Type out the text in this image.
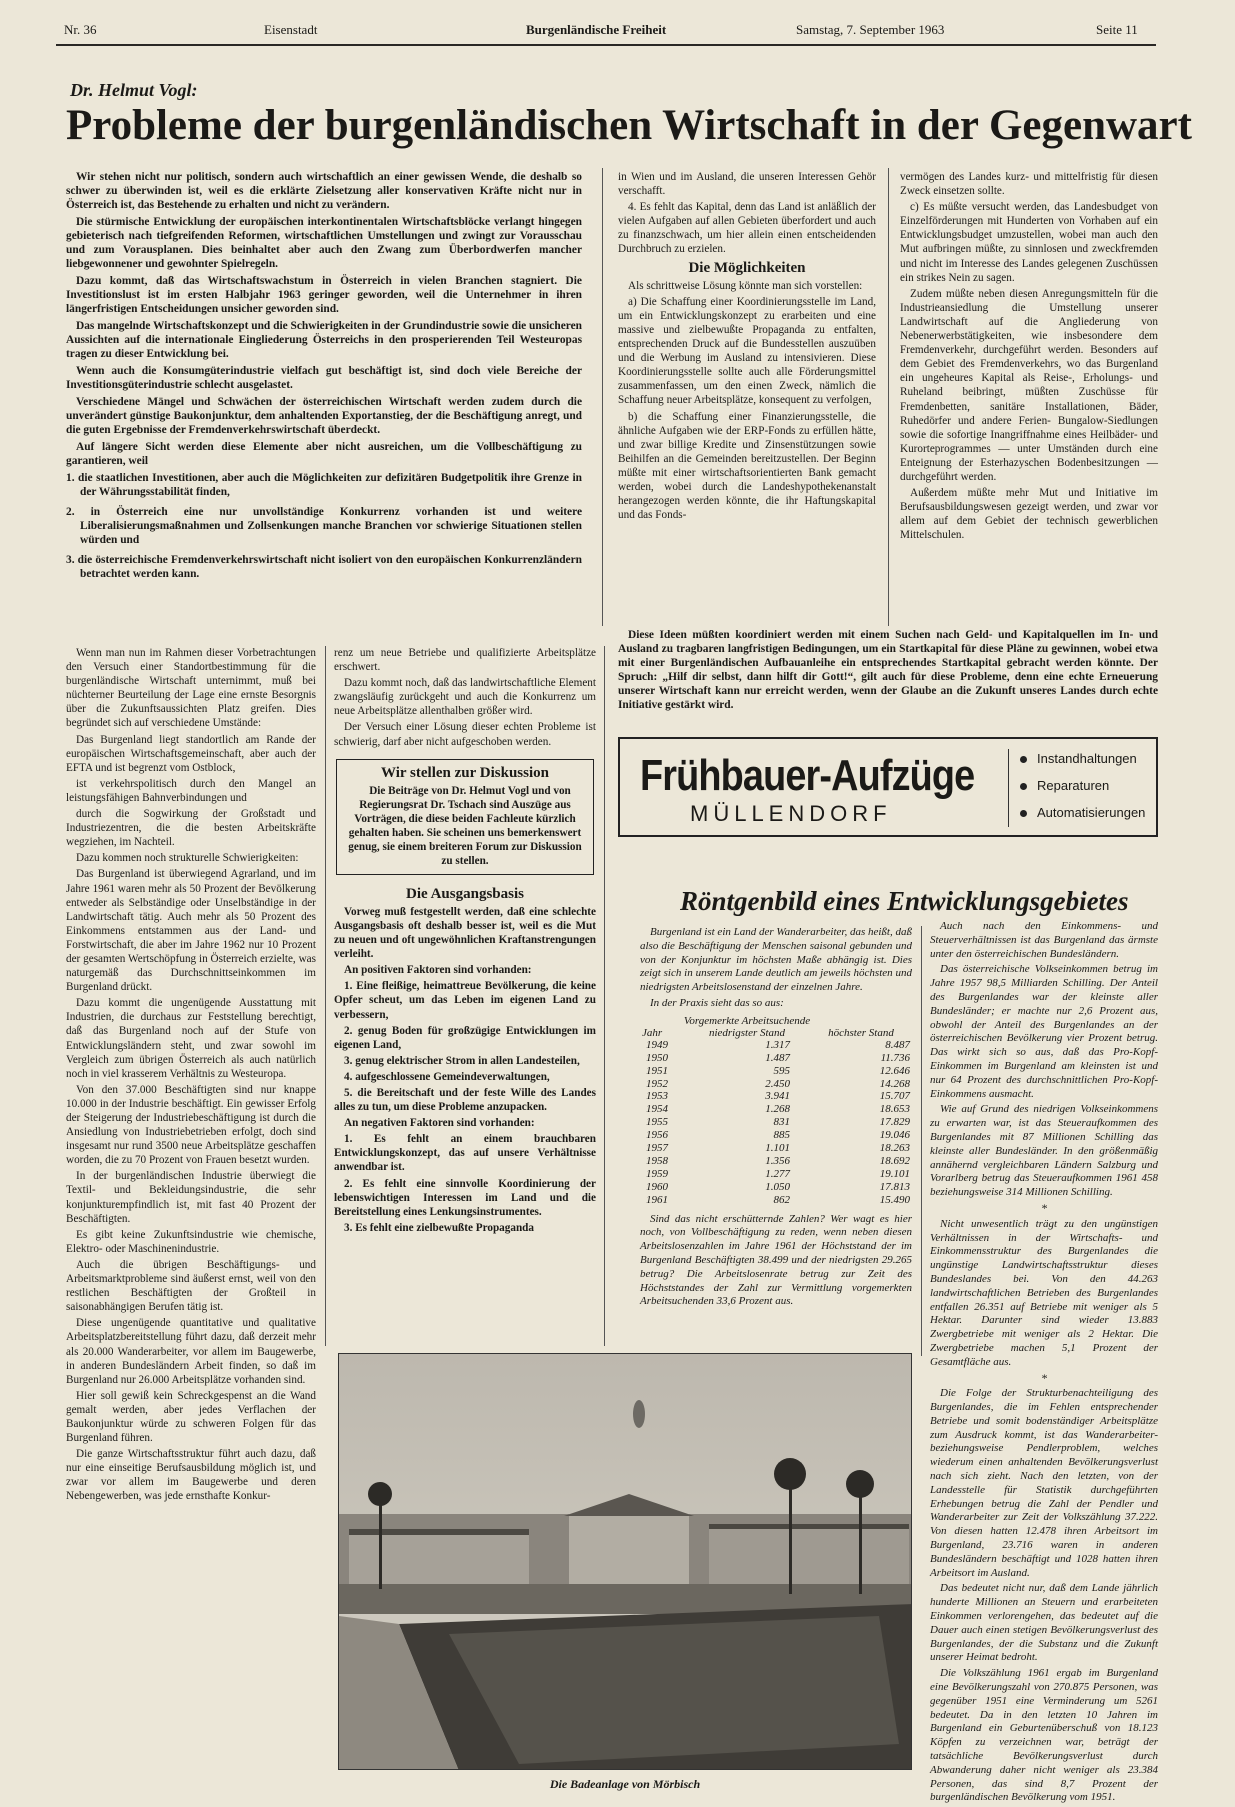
Nr. 36	Eisenstadt	Burgenländische Freiheit	Samstag, 7. September 1963	Seite 11
Dr. Helmut Vogl:
Probleme der burgenländischen Wirtschaft in der Gegenwart

Wir stehen nicht nur politisch, sondern auch wirtschaftlich an einer gewissen Wende, die deshalb so schwer zu überwinden ist, weil es die erklärte Zielsetzung aller konservativen Kräfte nicht nur in Österreich ist, das Bestehende zu erhalten und nicht zu verändern.

Die stürmische Entwicklung der europäischen interkontinentalen Wirtschaftsblöcke verlangt hingegen gebieterisch nach tiefgreifenden Reformen, wirtschaftlichen Umstellungen und zwingt zur Vorausschau und zum Vorausplanen. Dies beinhaltet aber auch den Zwang zum Überbordwerfen mancher liebgewonnener und gewohnter Spielregeln.

Dazu kommt, daß das Wirtschaftswachstum in Österreich in vielen Branchen stagniert. Die Investitionslust ist im ersten Halbjahr 1963 geringer geworden, weil die Unternehmer in ihren längerfristigen Entscheidungen unsicher geworden sind.

Das mangelnde Wirtschaftskonzept und die Schwierigkeiten in der Grundindustrie sowie die unsicheren Aussichten auf die internationale Eingliederung Österreichs in den prosperierenden Teil Westeuropas tragen zu dieser Entwicklung bei.

Wenn auch die Konsumgüterindustrie vielfach gut beschäftigt ist, sind doch viele Bereiche der Investitionsgüterindustrie schlecht ausgelastet.

Verschiedene Mängel und Schwächen der österreichischen Wirtschaft werden zudem durch die unverändert günstige Baukonjunktur, dem anhaltenden Exportanstieg, der die Beschäftigung anregt, und die guten Ergebnisse der Fremdenverkehrswirtschaft überdeckt.

Auf längere Sicht werden diese Elemente aber nicht ausreichen, um die Vollbeschäftigung zu garantieren, weil

1. die staatlichen Investitionen, aber auch die Möglichkeiten zur defizitären Budgetpolitik ihre Grenze in der Währungsstabilität finden,
2. in Österreich eine nur unvollständige Konkurrenz vorhanden ist und weitere Liberalisierungsmaßnahmen und Zollsenkungen manche Branchen vor schwierige Situationen stellen würden und
3. die österreichische Fremdenverkehrswirtschaft nicht isoliert von den europäischen Konkurrenzländern betrachtet werden kann.

in Wien und im Ausland, die unseren Interessen Gehör verschafft.

4. Es fehlt das Kapital, denn das Land ist anläßlich der vielen Aufgaben auf allen Gebieten überfordert und auch zu finanzschwach, um hier allein einen entscheidenden Durchbruch zu erzielen.

Die Möglichkeiten

Als schrittweise Lösung könnte man sich vorstellen:

a) Die Schaffung einer Koordinierungsstelle im Land, um ein Entwicklungskonzept zu erarbeiten und eine massive und zielbewußte Propaganda zu entfalten, entsprechenden Druck auf die Bundesstellen auszuüben und die Werbung im Ausland zu intensivieren. Diese Koordinierungsstelle sollte auch alle Förderungsmittel zusammenfassen, um den einen Zweck, nämlich die Schaffung neuer Arbeitsplätze, konsequent zu verfolgen,

b) die Schaffung einer Finanzierungsstelle, die ähnliche Aufgaben wie der ERP-Fonds zu erfüllen hätte, und zwar billige Kredite und Zinsenstützungen sowie Beihilfen an die Gemeinden bereitzustellen. Der Beginn müßte mit einer wirtschaftsorientierten Bank gemacht werden, wobei durch die Landeshypothekenanstalt herangezogen werden könnte, die ihr Haftungskapital und das Fonds-

vermögen des Landes kurz- und mittelfristig für diesen Zweck einsetzen sollte.

c) Es müßte versucht werden, das Landesbudget von Einzelförderungen mit Hunderten von Vorhaben auf ein Entwicklungsbudget umzustellen, wobei man auch den Mut aufbringen müßte, zu sinnlosen und zweckfremden und nicht im Interesse des Landes gelegenen Zuschüssen ein strikes Nein zu sagen.

Zudem müßte neben diesen Anregungsmitteln für die Industrieansiedlung die Umstellung unserer Landwirtschaft auf die Angliederung von Nebenerwerbstätigkeiten, wie insbesondere dem Fremdenverkehr, durchgeführt werden. Besonders auf dem Gebiet des Fremdenverkehrs, wo das Burgenland ein ungeheures Kapital als Reise-, Erholungs- und Ruheland beibringt, müßten Zuschüsse für Fremdenbetten, sanitäre Installationen, Bäder, Ruhedörfer und andere Ferien- Bungalow-Siedlungen sowie die sofortige Inangriffnahme eines Heilbäder- und Kurorteprogrammes — unter Umständen durch eine Enteignung der Esterhazyschen Bodenbesitzungen — durchgeführt werden.

Außerdem müßte mehr Mut und Initiative im Berufsausbildungswesen gezeigt werden, und zwar vor allem auf dem Gebiet der technisch gewerblichen Mittelschulen.

Diese Ideen müßten koordiniert werden mit einem Suchen nach Geld- und Kapitalquellen im In- und Ausland zu tragbaren langfristigen Bedingungen, um ein Startkapital für diese Pläne zu gewinnen, wobei etwa mit einer Burgenländischen Aufbauanleihe ein entsprechendes Startkapital gebracht werden könnte. Der Spruch: „Hilf dir selbst, dann hilft dir Gott!“, gilt auch für diese Probleme, denn eine echte Erneuerung unserer Wirtschaft kann nur erreicht werden, wenn der Glaube an die Zukunft unseres Landes durch echte Initiative gestärkt wird.

Wenn man nun im Rahmen dieser Vorbetrachtungen den Versuch einer Standortbestimmung für die burgenländische Wirtschaft unternimmt, muß bei nüchterner Beurteilung der Lage eine ernste Besorgnis über die Zukunftsaussichten Platz greifen. Dies begründet sich auf verschiedene Umstände:

Das Burgenland liegt standortlich am Rande der europäischen Wirtschaftsgemeinschaft, aber auch der EFTA und ist begrenzt vom Ostblock,

ist verkehrspolitisch durch den Mangel an leistungsfähigen Bahnverbindungen und

durch die Sogwirkung der Großstadt und Industriezentren, die die besten Arbeitskräfte wegziehen, im Nachteil.

Dazu kommen noch strukturelle Schwierigkeiten:

Das Burgenland ist überwiegend Agrarland, und im Jahre 1961 waren mehr als 50 Prozent der Bevölkerung entweder als Selbständige oder Unselbständige in der Landwirtschaft tätig. Auch mehr als 50 Prozent des Einkommens entstammen aus der Land- und Forstwirtschaft, die aber im Jahre 1962 nur 10 Prozent der gesamten Wertschöpfung in Österreich erzielte, was naturgemäß das Durchschnittseinkommen im Burgenland drückt.

Dazu kommt die ungenügende Ausstattung mit Industrien, die durchaus zur Feststellung berechtigt, daß das Burgenland noch auf der Stufe von Entwicklungsländern steht, und zwar sowohl im Vergleich zum übrigen Österreich als auch natürlich noch in viel krasserem Verhältnis zu Westeuropa.

Von den 37.000 Beschäftigten sind nur knappe 10.000 in der Industrie beschäftigt. Ein gewisser Erfolg der Steigerung der Industriebeschäftigung ist durch die Ansiedlung von Industriebetrieben erfolgt, doch sind insgesamt nur rund 3500 neue Arbeitsplätze geschaffen worden, die zu 70 Prozent von Frauen besetzt wurden.

In der burgenländischen Industrie überwiegt die Textil- und Bekleidungsindustrie, die sehr konjunkturempfindlich ist, mit fast 40 Prozent der Beschäftigten.

Es gibt keine Zukunftsindustrie wie chemische, Elektro- oder Maschinenindustrie.

Auch die übrigen Beschäftigungs- und Arbeitsmarktprobleme sind äußerst ernst, weil von den restlichen Beschäftigten der Großteil in saisonabhängigen Berufen tätig ist.

Diese ungenügende quantitative und qualitative Arbeitsplatzbereitstellung führt dazu, daß derzeit mehr als 20.000 Wanderarbeiter, vor allem im Baugewerbe, in anderen Bundesländern Arbeit finden, so daß im Burgenland nur 26.000 Arbeitsplätze vorhanden sind.

Hier soll gewiß kein Schreckgespenst an die Wand gemalt werden, aber jedes Verflachen der Baukonjunktur würde zu schweren Folgen für das Burgenland führen.

Die ganze Wirtschaftsstruktur führt auch dazu, daß nur eine einseitige Berufsausbildung möglich ist, und zwar vor allem im Baugewerbe und deren Nebengewerben, was jede ernsthafte Konkur-

renz um neue Betriebe und qualifizierte Arbeitsplätze erschwert.

Dazu kommt noch, daß das landwirtschaftliche Element zwangsläufig zurückgeht und auch die Konkurrenz um neue Arbeitsplätze allenthalben größer wird.

Der Versuch einer Lösung dieser echten Probleme ist schwierig, darf aber nicht aufgeschoben werden.

Wir stellen zur Diskussion

Die Beiträge von Dr. Helmut Vogl und von Regierungsrat Dr. Tschach sind Auszüge aus Vorträgen, die diese beiden Fachleute kürzlich gehalten haben. Sie scheinen uns bemerkenswert genug, sie einem breiteren Forum zur Diskussion zu stellen.

Die Ausgangsbasis

Vorweg muß festgestellt werden, daß eine schlechte Ausgangsbasis oft deshalb besser ist, weil es die Mut zu neuen und oft ungewöhnlichen Kraftanstrengungen verleiht.

An positiven Faktoren sind vorhanden:

1. Eine fleißige, heimattreue Bevölkerung, die keine Opfer scheut, um das Leben im eigenen Land zu verbessern,

2. genug Boden für großzügige Entwicklungen im eigenen Land,

3. genug elektrischer Strom in allen Landesteilen,

4. aufgeschlossene Gemeindeverwaltungen,

5. die Bereitschaft und der feste Wille des Landes alles zu tun, um diese Probleme anzupacken.

An negativen Faktoren sind vorhanden:

1. Es fehlt an einem brauchbaren Entwicklungskonzept, das auf unsere Verhältnisse anwendbar ist.

2. Es fehlt eine sinnvolle Koordinierung der lebenswichtigen Interessen im Land und die Bereitstellung eines Lenkungsinstrumentes.

3. Es fehlt eine zielbewußte Propaganda

Frühbauer-Aufzüge
MÜLLENDORF
Instandhaltungen
Reparaturen
Automatisierungen
Röntgenbild eines Entwicklungsgebietes

Burgenland ist ein Land der Wanderarbeiter, das heißt, daß also die Beschäftigung der Menschen saisonal gebunden und von der Konjunktur im höchsten Maße abhängig ist. Dies zeigt sich in unserem Lande deutlich am jeweils höchsten und niedrigsten Arbeitslosenstand der einzelnen Jahre.

In der Praxis sieht das so aus:

Jahr	Vorgemerkte Arbeitsuchende niedrigster Stand	höchster Stand
1949	1.317	8.487
1950	1.487	11.736
1951	595	12.646
1952	2.450	14.268
1953	3.941	15.707
1954	1.268	18.653
1955	831	17.829
1956	885	19.046
1957	1.101	18.263
1958	1.356	18.692
1959	1.277	19.101
1960	1.050	17.813
1961	862	15.490

Sind das nicht erschütternde Zahlen? Wer wagt es hier noch, von Vollbeschäftigung zu reden, wenn neben diesen Arbeitslosenzahlen im Jahre 1961 der Höchststand der im Burgenland Beschäftigten 38.499 und der niedrigsten 29.265 betrug? Die Arbeitslosenrate betrug zur Zeit des Höchststandes der Zahl zur Vermittlung vorgemerkten Arbeitsuchenden 33,6 Prozent aus.

Auch nach den Einkommens- und Steuerverhältnissen ist das Burgenland das ärmste unter den österreichischen Bundesländern.

Das österreichische Volkseinkommen betrug im Jahre 1957 98,5 Milliarden Schilling. Der Anteil des Burgenlandes war der kleinste aller Bundesländer; er machte nur 2,6 Prozent aus, obwohl der Anteil des Burgenlandes an der österreichischen Bevölkerung vier Prozent betrug. Das wirkt sich so aus, daß das Pro-Kopf-Einkommen im Burgenland am kleinsten ist und nur 64 Prozent des durchschnittlichen Pro-Kopf-Einkommens ausmacht.

Wie auf Grund des niedrigen Volkseinkommens zu erwarten war, ist das Steueraufkommen des Burgenlandes mit 87 Millionen Schilling das kleinste aller Bundesländer. In den größenmäßig annähernd vergleichbaren Ländern Salzburg und Vorarlberg betrug das Steueraufkommen 1961 458 beziehungsweise 314 Millionen Schilling.

*

Nicht unwesentlich trägt zu den ungünstigen Verhältnissen in der Wirtschafts- und Einkommensstruktur des Burgenlandes die ungünstige Landwirtschaftsstruktur dieses Bundeslandes bei. Von den 44.263 landwirtschaftlichen Betrieben des Burgenlandes entfallen 26.351 auf Betriebe mit weniger als 5 Hektar. Darunter sind wieder 13.883 Zwergbetriebe mit weniger als 2 Hektar. Die Zwergbetriebe machen 5,1 Prozent der Gesamtfläche aus.

*

Die Folge der Strukturbenachteiligung des Burgenlandes, die im Fehlen entsprechender Betriebe und somit bodenständiger Arbeitsplätze zum Ausdruck kommt, ist das Wanderarbeiter- beziehungsweise Pendlerproblem, welches wiederum einen anhaltenden Bevölkerungsverlust nach sich zieht. Nach den letzten, von der Landesstelle für Statistik durchgeführten Erhebungen betrug die Zahl der Pendler und Wanderarbeiter zur Zeit der Volkszählung 37.222. Von diesen hatten 12.478 ihren Arbeitsort im Burgenland, 23.716 waren in anderen Bundesländern beschäftigt und 1028 hatten ihren Arbeitsort im Ausland.

Das bedeutet nicht nur, daß dem Lande jährlich hunderte Millionen an Steuern und erarbeiteten Einkommen verlorengehen, das bedeutet auf die Dauer auch einen stetigen Bevölkerungsverlust des Burgenlandes, der die Substanz und die Zukunft unserer Heimat bedroht.

Die Volkszählung 1961 ergab im Burgenland eine Bevölkerungszahl von 270.875 Personen, was gegenüber 1951 eine Verminderung um 5261 bedeutet. Da in den letzten 10 Jahren im Burgenland ein Geburtenüberschuß von 18.123 Köpfen zu verzeichnen war, beträgt der tatsächliche Bevölkerungsverlust durch Abwanderung daher nicht weniger als 23.384 Personen, das sind 8,7 Prozent der burgenländischen Bevölkerung vom 1951.

Die Badeanlage von Mörbisch
